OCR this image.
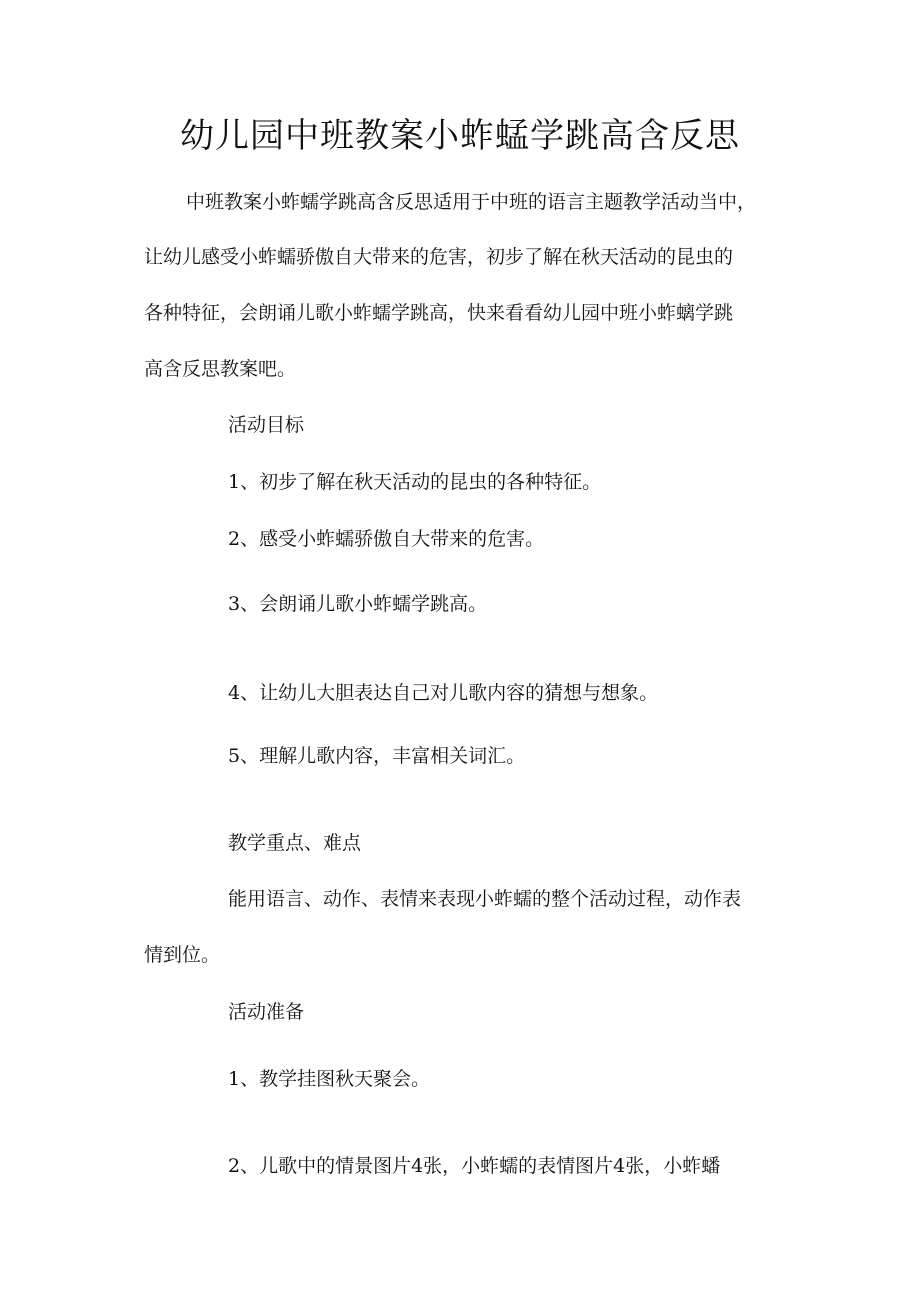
幼儿园中班教案小蚱蜢学跳高含反思
中班教案小蚱蠕学跳高含反思适用于中班的语言主题教学活动当中，
让幼儿感受小蚱蠕骄傲自大带来的危害，初步了解在秋天活动的昆虫的
各种特征，会朗诵儿歌小蚱蠕学跳高，快来看看幼儿园中班小蚱螭学跳
高含反思教案吧。
活动目标
1、初步了解在秋天活动的昆虫的各种特征。
2、感受小蚱蠕骄傲自大带来的危害。
3、会朗诵儿歌小蚱蠕学跳高。
4、让幼儿大胆表达自己对儿歌内容的猜想与想象。
5、理解儿歌内容，丰富相关词汇。
教学重点、难点
能用语言、动作、表情来表现小蚱蠕的整个活动过程，动作表
情到位。
活动准备
1、教学挂图秋天聚会。
2、儿歌中的情景图片4张，小蚱蠕的表情图片4张，小蚱蟠
